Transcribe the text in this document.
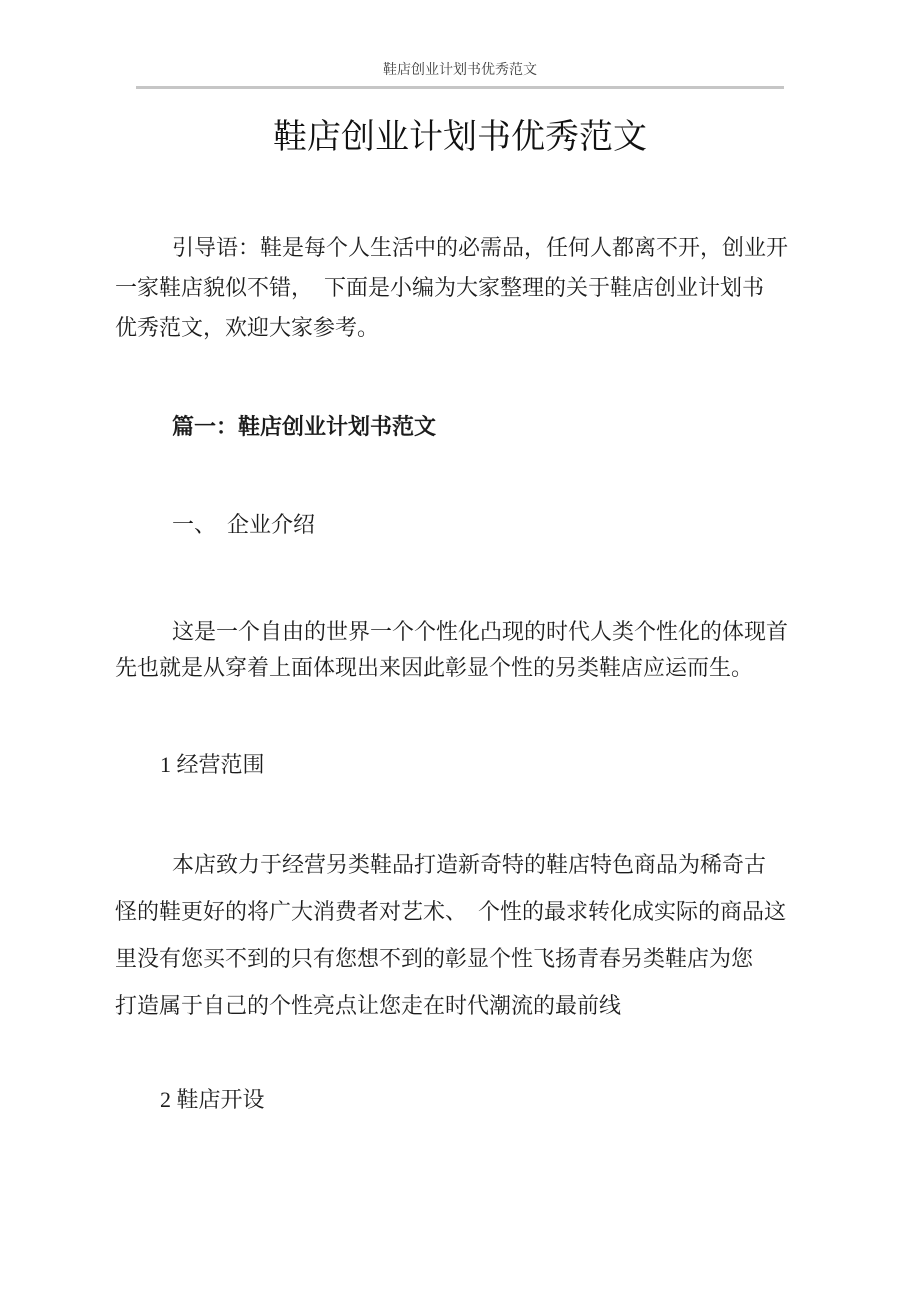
鞋店创业计划书优秀范文
鞋店创业计划书优秀范文
引导语：鞋是每个人生活中的必需品，任何人都离不开，创业开
一家鞋店貌似不错，　下面是小编为大家整理的关于鞋店创业计划书
优秀范文，欢迎大家参考。
篇一：鞋店创业计划书范文
一、　企业介绍
这是一个自由的世界一个个性化凸现的时代人类个性化的体现首
先也就是从穿着上面体现出来因此彰显个性的另类鞋店应运而生。
1 经营范围
本店致力于经营另类鞋品打造新奇特的鞋店特色商品为稀奇古
怪的鞋更好的将广大消费者对艺术、　个性的最求转化成实际的商品这
里没有您买不到的只有您想不到的彰显个性飞扬青春另类鞋店为您
打造属于自己的个性亮点让您走在时代潮流的最前线
2 鞋店开设
